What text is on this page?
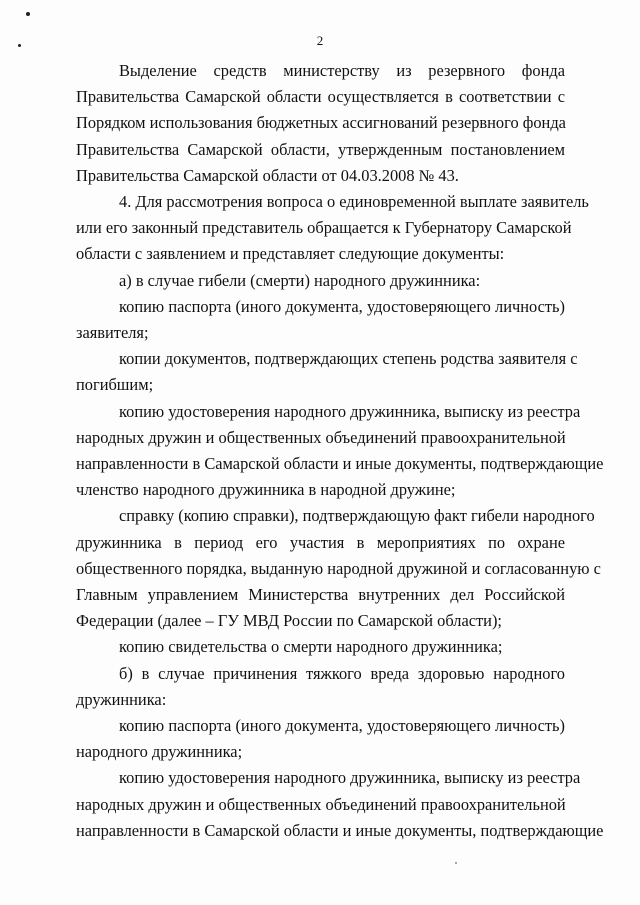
2

Выделение средств министерству из резервного фонда
Правительства Самарской области осуществляется в соответствии с
Порядком использования бюджетных ассигнований резервного фонда
Правительства Самарской области, утвержденным постановлением
Правительства Самарской области от 04.03.2008 № 43.

4. Для рассмотрения вопроса о единовременной выплате заявитель
или его законный представитель обращается к Губернатору Самарской
области с заявлением и представляет следующие документы:

а) в случае гибели (смерти) народного дружинника:

копию паспорта (иного документа, удостоверяющего личность)
заявителя;

копии документов, подтверждающих степень родства заявителя с
погибшим;

копию удостоверения народного дружинника, выписку из реестра
народных дружин и общественных объединений правоохранительной
направленности в Самарской области и иные документы, подтверждающие
членство народного дружинника в народной дружине;

справку (копию справки), подтверждающую факт гибели народного
дружинника в период его участия в мероприятиях по охране
общественного порядка, выданную народной дружиной и согласованную с
Главным управлением Министерства внутренних дел Российской
Федерации (далее – ГУ МВД России по Самарской области);

копию свидетельства о смерти народного дружинника;

б) в случае причинения тяжкого вреда здоровью народного
дружинника:

копию паспорта (иного документа, удостоверяющего личность)
народного дружинника;

копию удостоверения народного дружинника, выписку из реестра
народных дружин и общественных объединений правоохранительной
направленности в Самарской области и иные документы, подтверждающие
